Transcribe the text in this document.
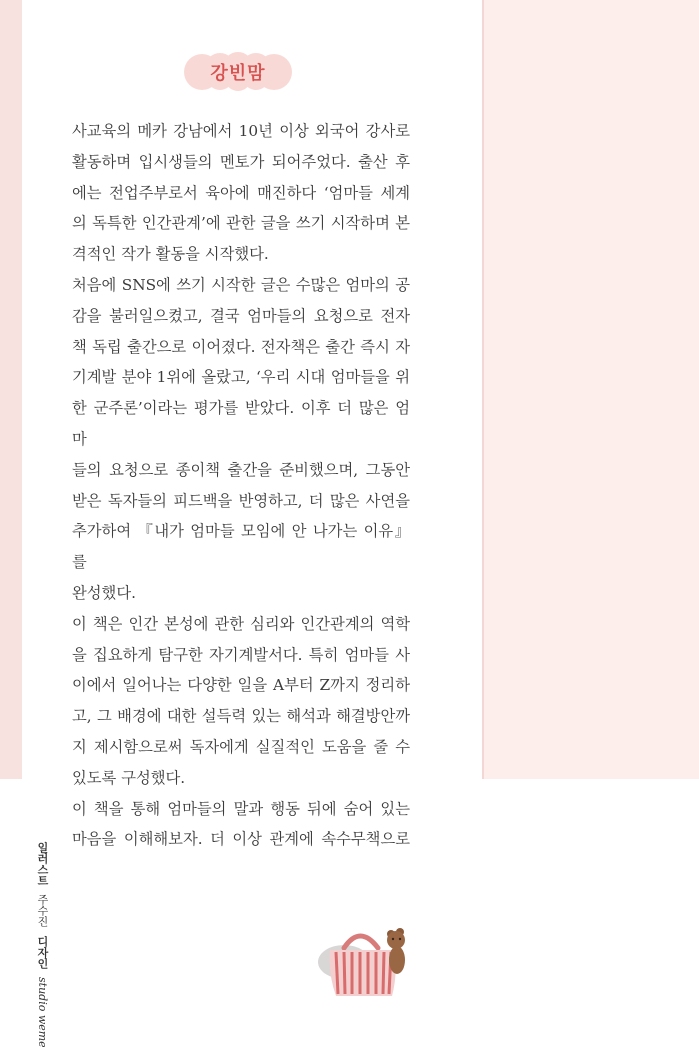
강빈맘

사교육의 메카 강남에서 10년 이상 외국어 강사로

활동하며 입시생들의 멘토가 되어주었다. 출산 후

에는 전업주부로서 육아에 매진하다 ‘엄마들 세계

의 독특한 인간관계’에 관한 글을 쓰기 시작하며 본

격적인 작가 활동을 시작했다.

처음에 SNS에 쓰기 시작한 글은 수많은 엄마의 공

감을 불러일으켰고, 결국 엄마들의 요청으로 전자

책 독립 출간으로 이어졌다. 전자책은 출간 즉시 자

기계발 분야 1위에 올랐고, ‘우리 시대 엄마들을 위

한 군주론’이라는 평가를 받았다. 이후 더 많은 엄마

들의 요청으로 종이책 출간을 준비했으며, 그동안

받은 독자들의 피드백을 반영하고, 더 많은 사연을

추가하여 『내가 엄마들 모임에 안 나가는 이유』를

완성했다.

이 책은 인간 본성에 관한 심리와 인간관계의 역학

을 집요하게 탐구한 자기계발서다. 특히 엄마들 사

이에서 일어나는 다양한 일을 A부터 Z까지 정리하

고, 그 배경에 대한 설득력 있는 해석과 해결방안까

지 제시함으로써 독자에게 실질적인 도움을 줄 수

있도록 구성했다.

이 책을 통해 엄마들의 말과 행동 뒤에 숨어 있는

마음을 이해해보자. 더 이상 관계에 속수무책으로

일러스트 주수진 디자인 studio weme
